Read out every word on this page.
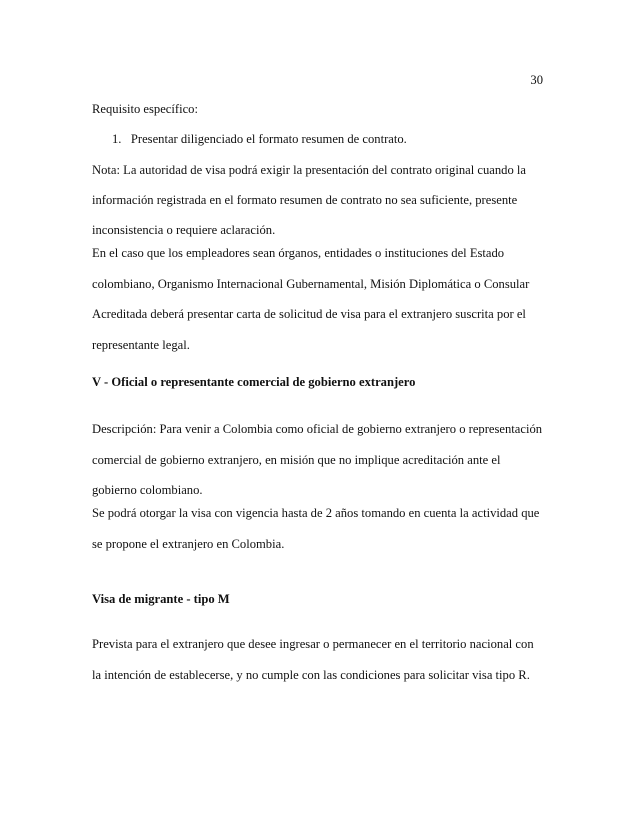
30
Requisito específico:
1.   Presentar diligenciado el formato resumen de contrato.
Nota: La autoridad de visa podrá exigir la presentación del contrato original cuando la
información registrada en el formato resumen de contrato no sea suficiente, presente
inconsistencia o requiere aclaración.
En el caso que los empleadores sean órganos, entidades o instituciones del Estado
colombiano, Organismo Internacional Gubernamental, Misión Diplomática o Consular
Acreditada deberá presentar carta de solicitud de visa para el extranjero suscrita por el
representante legal.
V - Oficial o representante comercial de gobierno extranjero
Descripción: Para venir a Colombia como oficial de gobierno extranjero o representación
comercial de gobierno extranjero, en misión que no implique acreditación ante el
gobierno colombiano.
Se podrá otorgar la visa con vigencia hasta de 2 años tomando en cuenta la actividad que
se propone el extranjero en Colombia.
Visa de migrante - tipo M
Prevista para el extranjero que desee ingresar o permanecer en el territorio nacional con
la intención de establecerse, y no cumple con las condiciones para solicitar visa tipo R.
